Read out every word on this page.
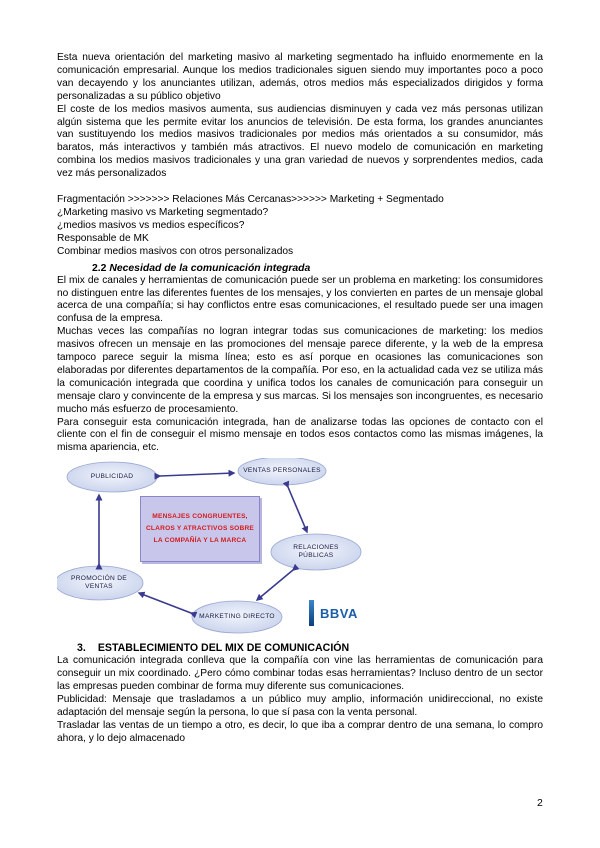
Esta nueva orientación del marketing masivo al marketing segmentado ha influido enormemente en la comunicación empresarial. Aunque los medios tradicionales siguen siendo muy importantes poco a poco van decayendo y los anunciantes utilizan, además, otros medios más especializados dirigidos y forma personalizadas a su público objetivo

El coste de los medios masivos aumenta, sus audiencias disminuyen y cada vez más personas utilizan algún sistema que les permite evitar los anuncios de televisión. De esta forma, los grandes anunciantes van sustituyendo los medios masivos tradicionales por medios más orientados a su consumidor, más baratos, más interactivos y también más atractivos. El nuevo modelo de comunicación en marketing combina los medios masivos tradicionales y una gran variedad de nuevos y sorprendentes medios, cada vez más personalizados

Fragmentación >>>>>>> Relaciones Más Cercanas>>>>>> Marketing + Segmentado

¿Marketing masivo vs Marketing segmentado?

¿medios masivos vs medios específicos?

Responsable de MK

Combinar medios masivos con otros personalizados

2.2 Necesidad de la comunicación integrada

El mix de canales y herramientas de comunicación puede ser un problema en marketing: los consumidores no distinguen entre las diferentes fuentes de los mensajes, y los convierten en partes de un mensaje global acerca de una compañía; si hay conflictos entre esas comunicaciones, el resultado puede ser una imagen confusa de la empresa.

Muchas veces las compañías no logran integrar todas sus comunicaciones de marketing: los medios masivos ofrecen un mensaje en las promociones del mensaje parece diferente, y la web de la empresa tampoco parece seguir la misma línea; esto es así porque en ocasiones las comunicaciones son elaboradas por diferentes departamentos de la compañía. Por eso, en la actualidad cada vez se utiliza más la comunicación integrada que coordina y unifica todos los canales de comunicación para conseguir un mensaje claro y convincente de la empresa y sus marcas. Si los mensajes son incongruentes, es necesario mucho más esfuerzo de procesamiento.

Para conseguir esta comunicación integrada, han de analizarse todas las opciones de contacto con el cliente con el fin de conseguir el mismo mensaje en todos esos contactos como las mismas imágenes, la misma apariencia, etc.

PUBLICIDAD
VENTAS PERSONALES
RELACIONES PÚBLICAS
MARKETING DIRECTO
PROMOCIÓN DE VENTAS
MENSAJES CONGRUENTES, CLAROS Y ATRACTIVOS SOBRE LA COMPAÑÍA Y LA MARCA
BBVA
3. ESTABLECIMIENTO DEL MIX DE COMUNICACIÓN

La comunicación integrada conlleva que la compañía con vine las herramientas de comunicación para conseguir un mix coordinado. ¿Pero cómo combinar todas esas herramientas? Incluso dentro de un sector las empresas pueden combinar de forma muy diferente sus comunicaciones.

Publicidad: Mensaje que trasladamos a un público muy amplio, información unidireccional, no existe adaptación del mensaje según la persona, lo que sí pasa con la venta personal.

Trasladar las ventas de un tiempo a otro, es decir, lo que iba a comprar dentro de una semana, lo compro ahora, y lo dejo almacenado

2
